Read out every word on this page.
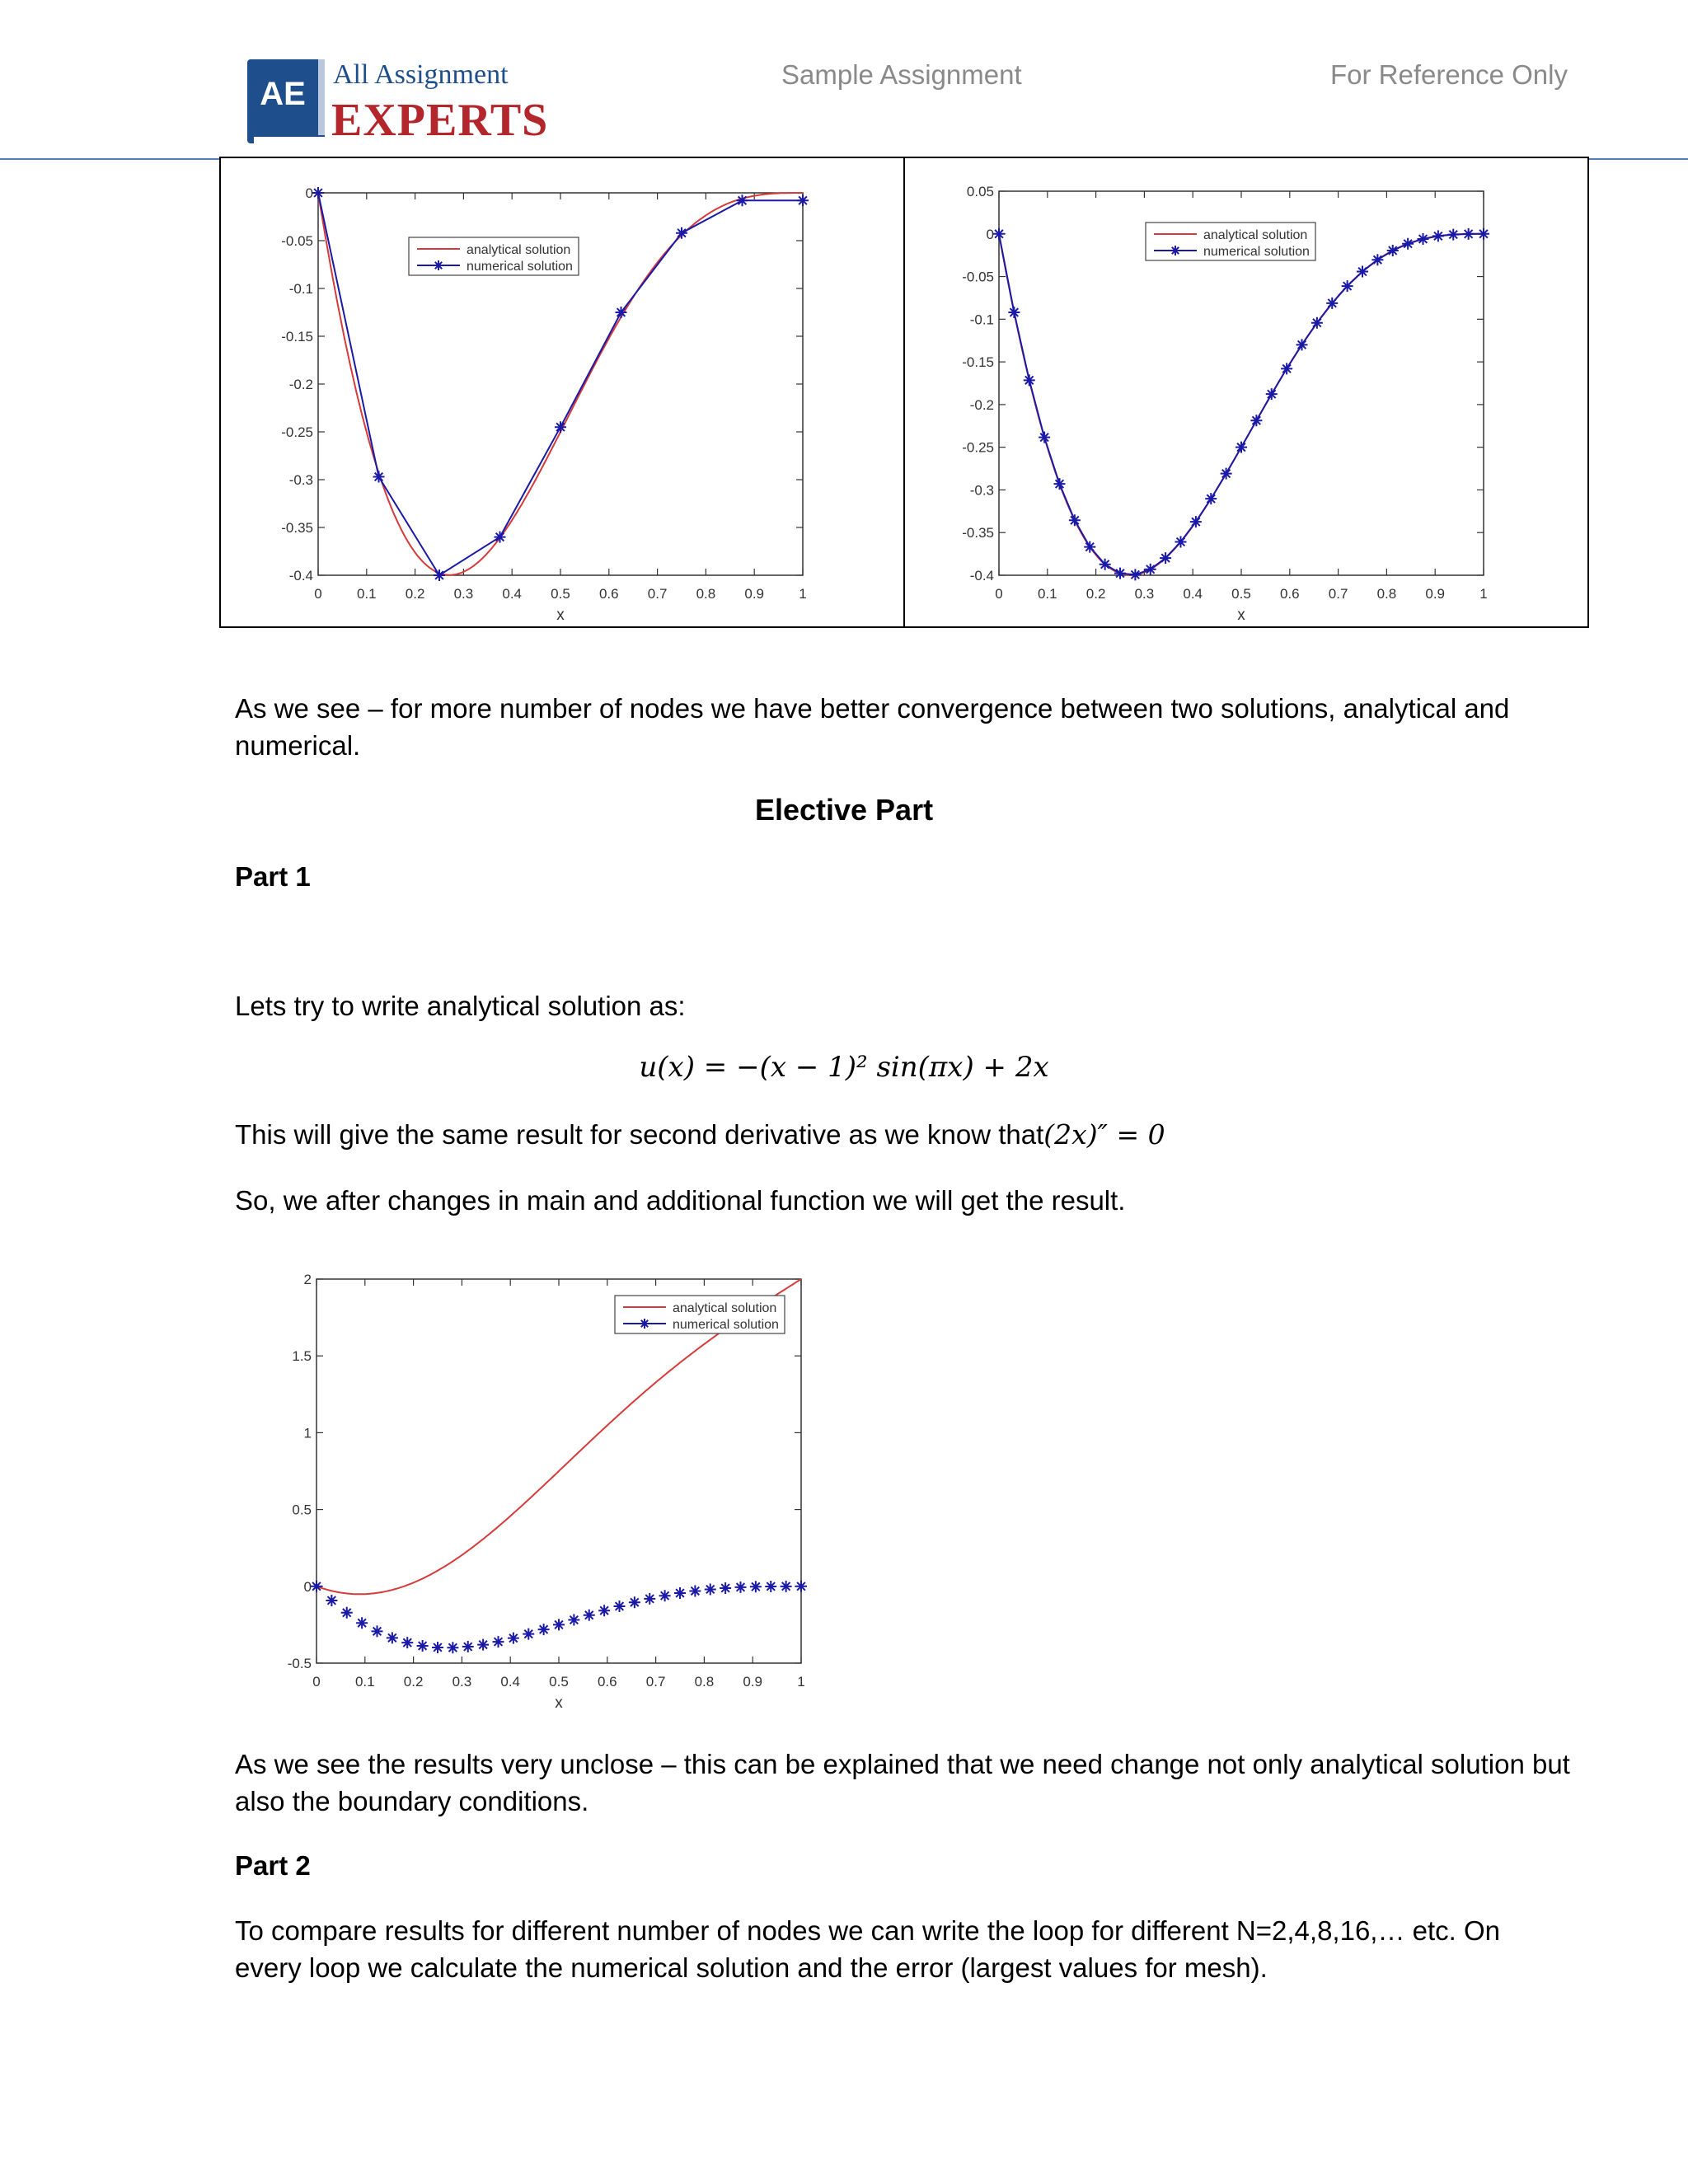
AE
All Assignment
EXPERTS
Sample Assignment	For Reference Only
0 0.1 0.2 0.3 0.4 0.5 0.6 0.7 0.8 0.9 1
0
-0.05
-0.1
-0.15
-0.2
-0.25
-0.3
-0.35
-0.4
x
analytical solution
numerical solution
0 0.1 0.2 0.3 0.4 0.5 0.6 0.7 0.8 0.9 1
0.05
0
-0.05
-0.1
-0.15
-0.2
-0.25
-0.3
-0.35
-0.4
x
analytical solution
numerical solution
0 0.1 0.2 0.3 0.4 0.5 0.6 0.7 0.8 0.9 1
2
1.5
1
0.5
0
-0.5
x
analytical solution
numerical solution
As we see – for more number of nodes we have better convergence between two solutions, analytical and numerical.
Elective Part
Part 1
Lets try to write analytical solution as:
u(x) = −(x − 1)² sin(πx) + 2x
This will give the same result for second derivative as we know that(2x)″ = 0
So, we after changes in main and additional function we will get the result.
As we see the results very unclose – this can be explained that we need change not only analytical solution but also the boundary conditions.
Part 2
To compare results for different number of nodes we can write the loop for different N=2,4,8,16,… etc. On every loop we calculate the numerical solution and the error (largest values for mesh).
